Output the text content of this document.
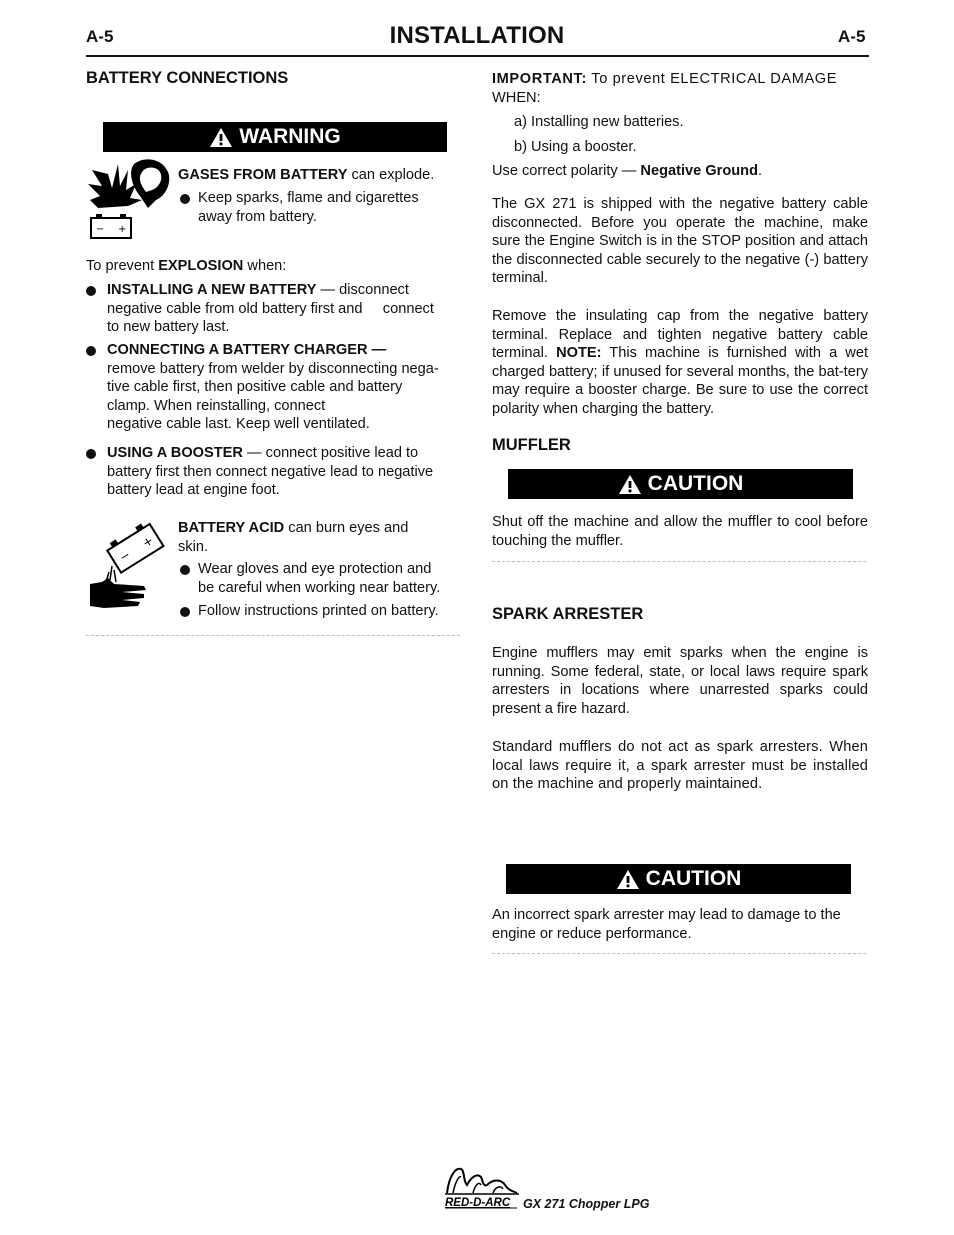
A-5	INSTALLATION	A-5
BATTERY CONNECTIONS
WARNING
− +
GASES FROM BATTERY can explode.
Keep sparks, flame and cigarettes
away from battery.
To prevent EXPLOSION when:
INSTALLING A NEW BATTERY — disconnect
negative cable from old battery first and     connect
to new battery last.
CONNECTING A BATTERY CHARGER —
remove battery from welder by disconnecting nega-
tive cable first, then positive cable and battery
clamp. When reinstalling, connect
negative cable last. Keep well ventilated.
USING A BOOSTER — connect positive lead to
battery first then connect negative lead to negative
battery lead at engine foot.
−
+
BATTERY ACID can burn eyes and
skin.
Wear gloves and eye protection and
be careful when working near battery.
Follow instructions printed on battery.
IMPORTANT: To prevent ELECTRICAL DAMAGE
WHEN:
a) Installing new batteries.
b) Using a booster.
Use correct polarity — Negative Ground.

The GX 271 is shipped with the negative battery cable disconnected. Before you operate the machine, make sure the Engine Switch is in the STOP position and attach the disconnected cable securely to the negative (-) battery terminal.

Remove the insulating cap from the negative battery terminal. Replace and tighten negative battery cable terminal. NOTE: This machine is furnished with a wet charged battery; if unused for several months, the bat-tery may require a booster charge. Be sure to use the correct polarity when charging the battery.

MUFFLER
CAUTION

Shut off the machine and allow the muffler to cool before touching the muffler.

SPARK ARRESTER

Engine mufflers may emit sparks when the engine is running. Some federal, state, or local laws require spark arresters in locations where unarrested sparks could present a fire hazard.

Standard mufflers do not act as spark arresters. When local laws require it, a spark arrester must be installed on the machine and properly maintained.

CAUTION

An incorrect spark arrester may lead to damage to the engine or reduce performance.

RED-D-ARC GX 271 Chopper LPG
